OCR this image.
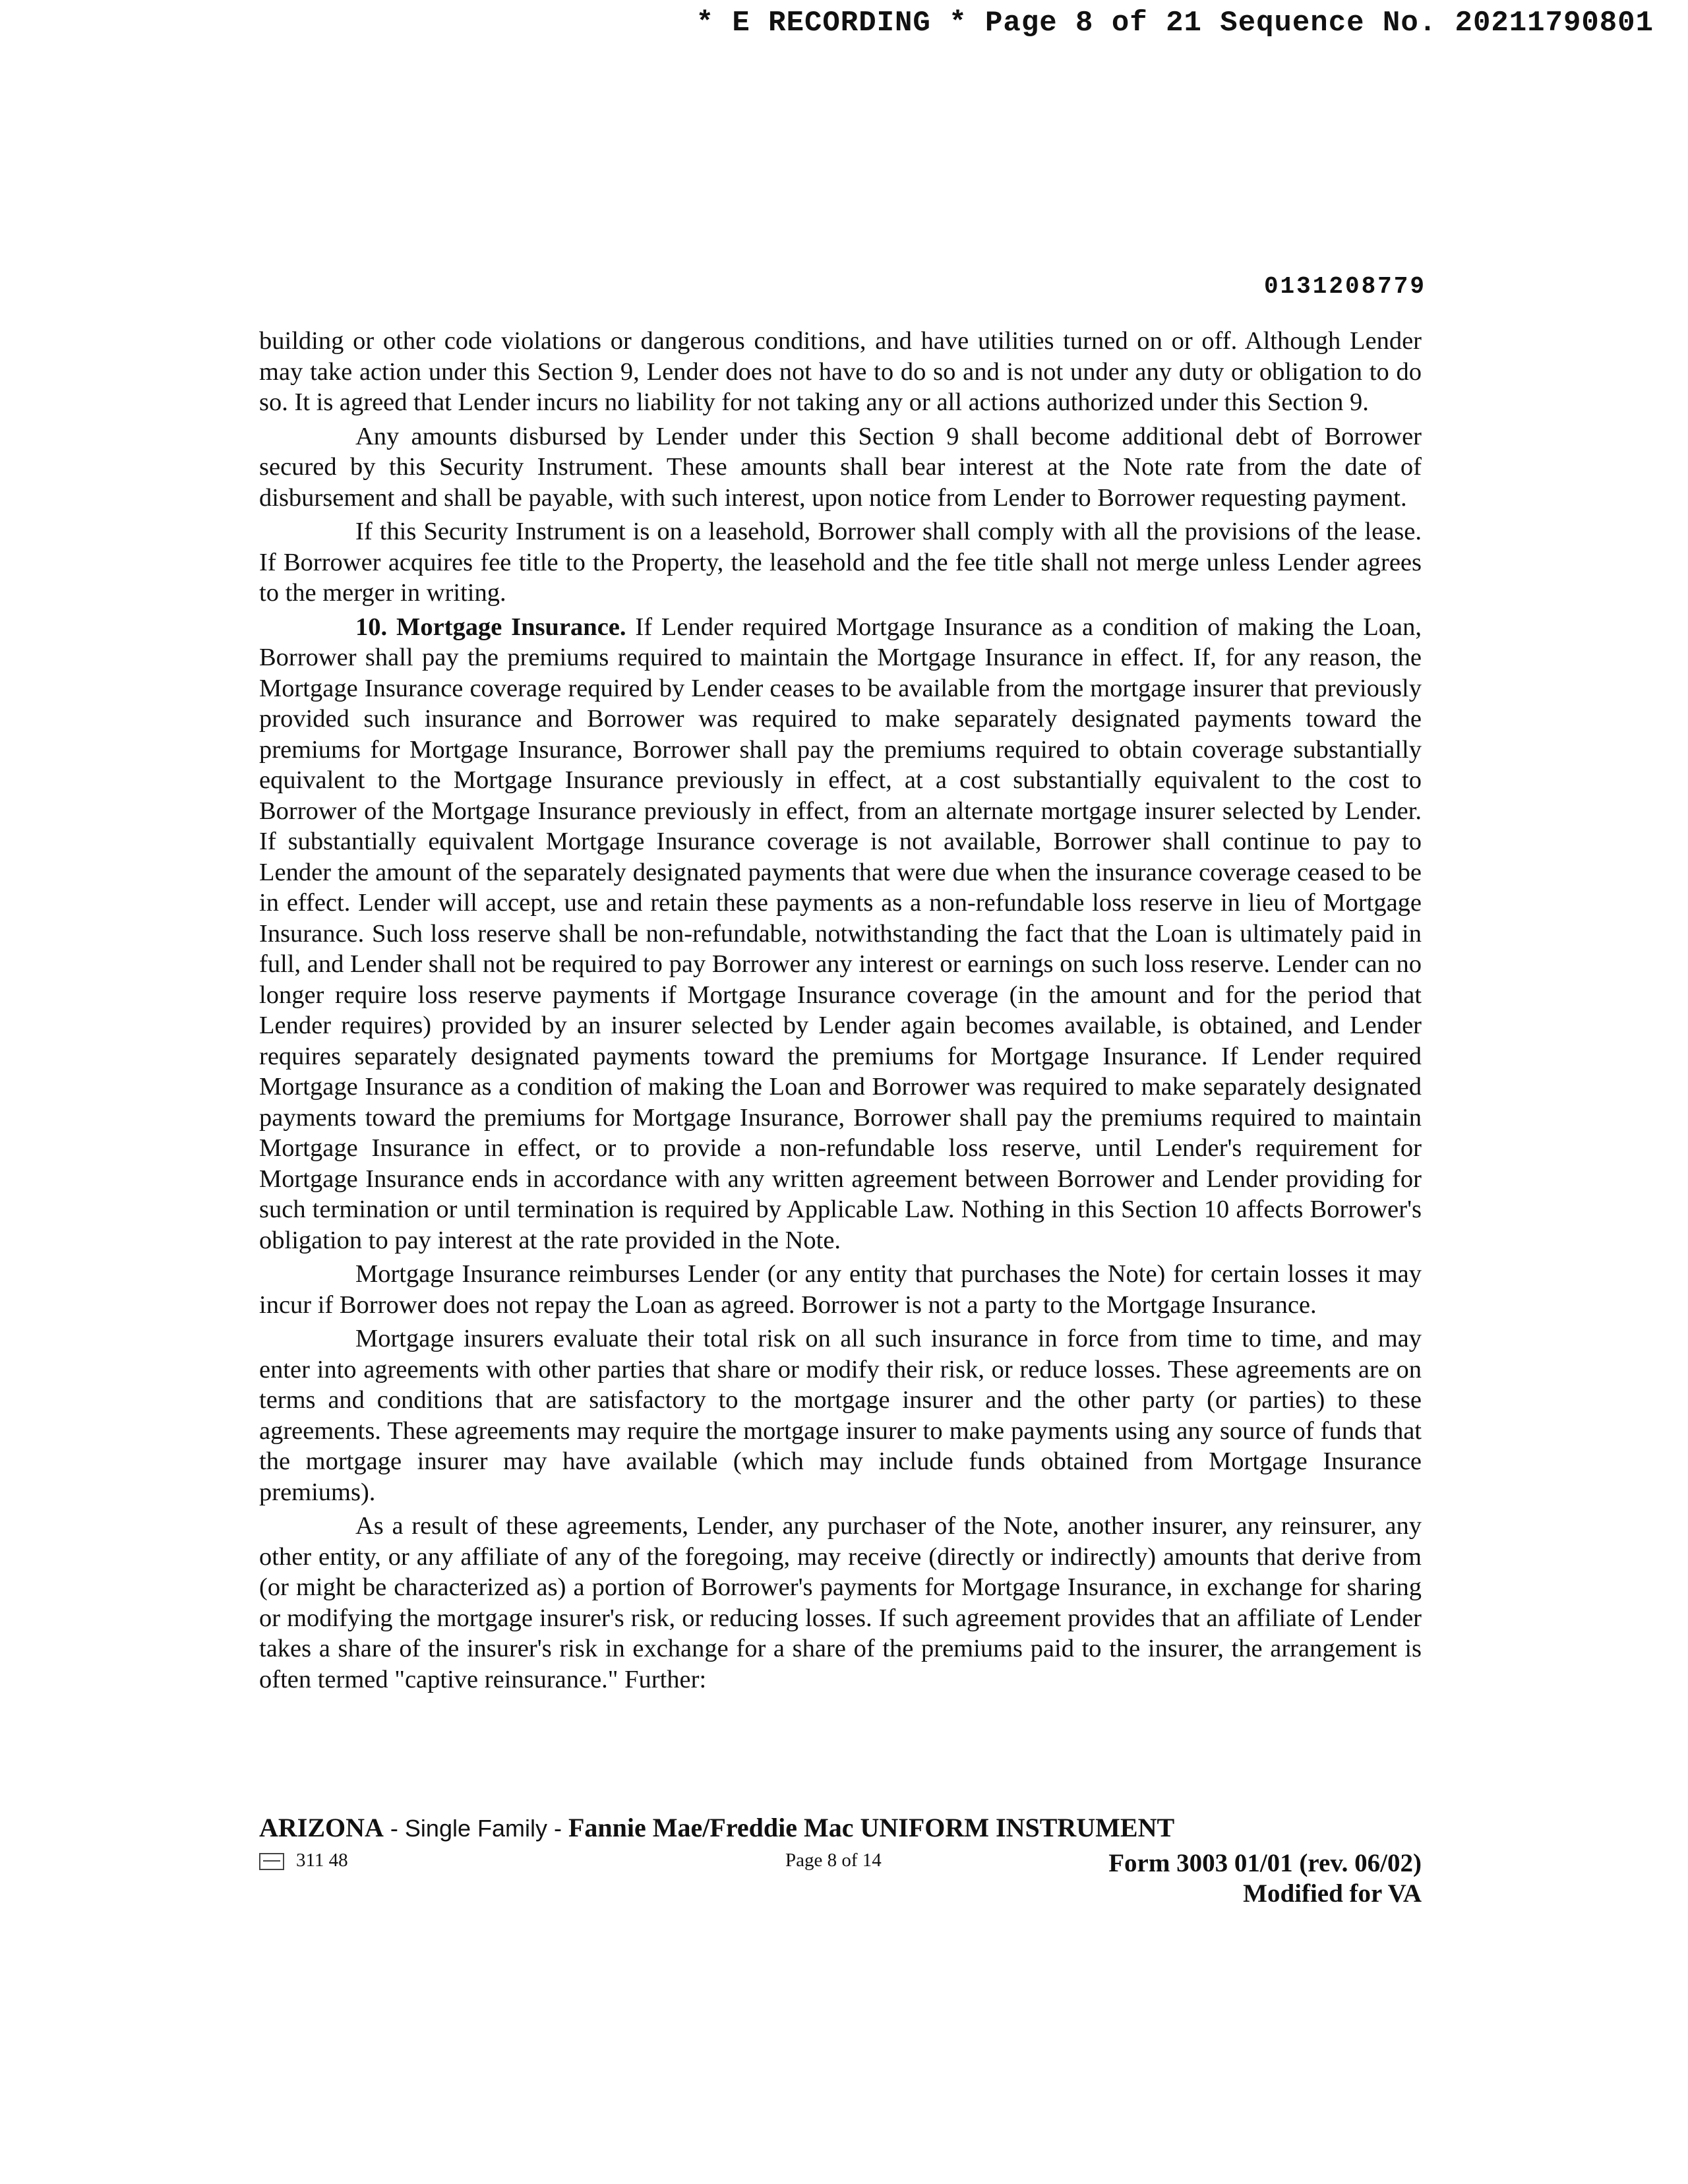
* E RECORDING * Page 8 of 21 Sequence No. 20211790801
0131208779

building or other code violations or dangerous conditions, and have utilities turned on or off. Although Lender may take action under this Section 9, Lender does not have to do so and is not under any duty or obligation to do so. It is agreed that Lender incurs no liability for not taking any or all actions authorized under this Section 9.

Any amounts disbursed by Lender under this Section 9 shall become additional debt of Borrower secured by this Security Instrument. These amounts shall bear interest at the Note rate from the date of disbursement and shall be payable, with such interest, upon notice from Lender to Borrower requesting payment.

If this Security Instrument is on a leasehold, Borrower shall comply with all the provisions of the lease. If Borrower acquires fee title to the Property, the leasehold and the fee title shall not merge unless Lender agrees to the merger in writing.

10. Mortgage Insurance. If Lender required Mortgage Insurance as a condition of making the Loan, Borrower shall pay the premiums required to maintain the Mortgage Insurance in effect. If, for any reason, the Mortgage Insurance coverage required by Lender ceases to be available from the mortgage insurer that previously provided such insurance and Borrower was required to make separately designated payments toward the premiums for Mortgage Insurance, Borrower shall pay the premiums required to obtain coverage substantially equivalent to the Mortgage Insurance previously in effect, at a cost substantially equivalent to the cost to Borrower of the Mortgage Insurance previously in effect, from an alternate mortgage insurer selected by Lender. If substantially equivalent Mortgage Insurance coverage is not available, Borrower shall continue to pay to Lender the amount of the separately designated payments that were due when the insurance coverage ceased to be in effect. Lender will accept, use and retain these payments as a non-refundable loss reserve in lieu of Mortgage Insurance. Such loss reserve shall be non-refundable, notwithstanding the fact that the Loan is ultimately paid in full, and Lender shall not be required to pay Borrower any interest or earnings on such loss reserve. Lender can no longer require loss reserve payments if Mortgage Insurance coverage (in the amount and for the period that Lender requires) provided by an insurer selected by Lender again becomes available, is obtained, and Lender requires separately designated payments toward the premiums for Mortgage Insurance. If Lender required Mortgage Insurance as a condition of making the Loan and Borrower was required to make separately designated payments toward the premiums for Mortgage Insurance, Borrower shall pay the premiums required to maintain Mortgage Insurance in effect, or to provide a non-refundable loss reserve, until Lender's requirement for Mortgage Insurance ends in accordance with any written agreement between Borrower and Lender providing for such termination or until termination is required by Applicable Law. Nothing in this Section 10 affects Borrower's obligation to pay interest at the rate provided in the Note.

Mortgage Insurance reimburses Lender (or any entity that purchases the Note) for certain losses it may incur if Borrower does not repay the Loan as agreed. Borrower is not a party to the Mortgage Insurance.

Mortgage insurers evaluate their total risk on all such insurance in force from time to time, and may enter into agreements with other parties that share or modify their risk, or reduce losses. These agreements are on terms and conditions that are satisfactory to the mortgage insurer and the other party (or parties) to these agreements. These agreements may require the mortgage insurer to make payments using any source of funds that the mortgage insurer may have available (which may include funds obtained from Mortgage Insurance premiums).

As a result of these agreements, Lender, any purchaser of the Note, another insurer, any reinsurer, any other entity, or any affiliate of any of the foregoing, may receive (directly or indirectly) amounts that derive from (or might be characterized as) a portion of Borrower's payments for Mortgage Insurance, in exchange for sharing or modifying the mortgage insurer's risk, or reducing losses. If such agreement provides that an affiliate of Lender takes a share of the insurer's risk in exchange for a share of the premiums paid to the insurer, the arrangement is often termed "captive reinsurance." Further:

ARIZONA - Single Family - Fannie Mae/Freddie Mac UNIFORM INSTRUMENT
311 48	Page 8 of 14	Form 3003 01/01 (rev. 06/02)
Modified for VA
